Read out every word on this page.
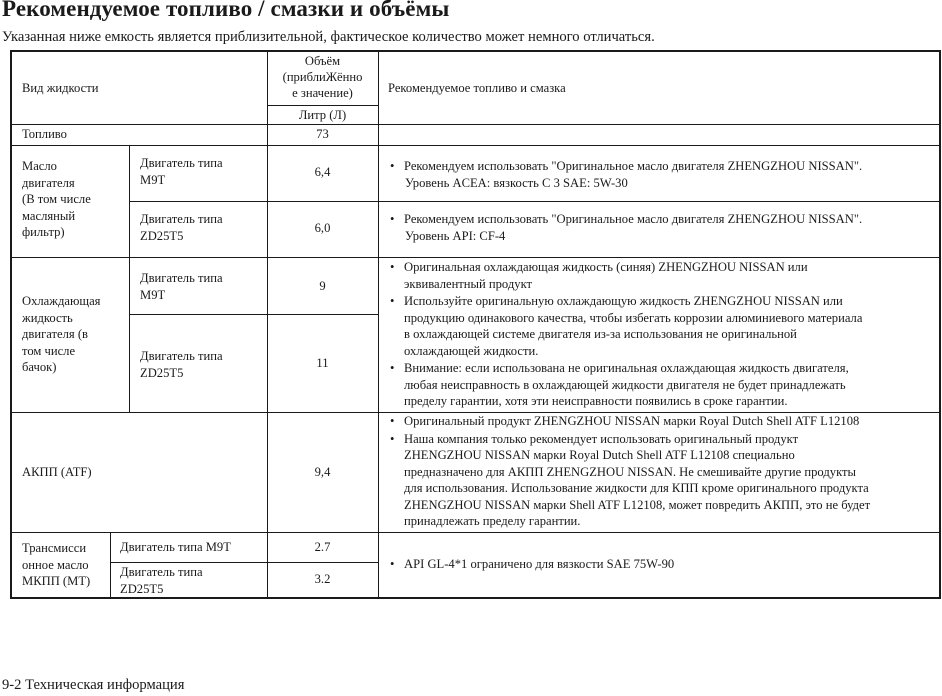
Рекомендуемое топливо / смазки и объёмы
Указанная ниже емкость является приблизительной, фактическое количество может немного отличаться.
Вид жидкости
Объём
(приблиЖённо
е значение)
Литр (Л)
Рекомендуемое топливо и смазка
Топливо	73
Масло
двигателя
(В том числе
масляный
фильтр)
Двигатель типа
M9T
6,4
•	Рекомендуем использовать "Оригинальное масло двигателя ZHENGZHOU NISSAN".
Уровень ACEA: вязкость C 3 SAE: 5W-30
Двигатель типа
ZD25T5
6,0
• Рекомендуем использовать "Оригинальное масло двигателя ZHENGZHOU NISSAN".
Уровень API: CF-4
Охлаждающая
жидкость
двигателя (в
том числе
бачок)
Двигатель типа
M9T
9
Двигатель типа
ZD25T5
11
• Оригинальная охлаждающая жидкость (синяя) ZHENGZHOU NISSAN или
эквивалентный продукт
• Используйте оригинальную охлаждающую жидкость ZHENGZHOU NISSAN или
продукцию одинакового качества, чтобы избегать коррозии алюминиевого материала
в охлаждающей системе двигателя из-за использования не оригинальной
охлаждающей жидкости.
• Внимание: если использована не оригинальная охлаждающая жидкость двигателя,
любая неисправность в охлаждающей жидкости двигателя не будет принадлежать
пределу гарантии, хотя эти неисправности появились в сроке гарантии.
АКПП (ATF)	9,4
• Оригинальный продукт ZHENGZHOU NISSAN марки Royal Dutch Shell ATF L12108
• Наша компания только рекомендует использовать оригинальный продукт
ZHENGZHOU NISSAN марки Royal Dutch Shell ATF L12108 специально
предназначено для АКПП ZHENGZHOU NISSAN. Не смешивайте другие продукты
для использования. Использование жидкости для КПП кроме оригинального продукта
ZHENGZHOU NISSAN марки Shell ATF L12108, может повредить АКПП, это не будет
принадлежать пределу гарантии.
Трансмисси
онное масло
МКПП (МТ)
Двигатель типа M9T	2.7
Двигатель типа
ZD25T5
3.2
• API GL-4*1 ограничено для вязкости SAE 75W-90
9-2 Техническая информация
